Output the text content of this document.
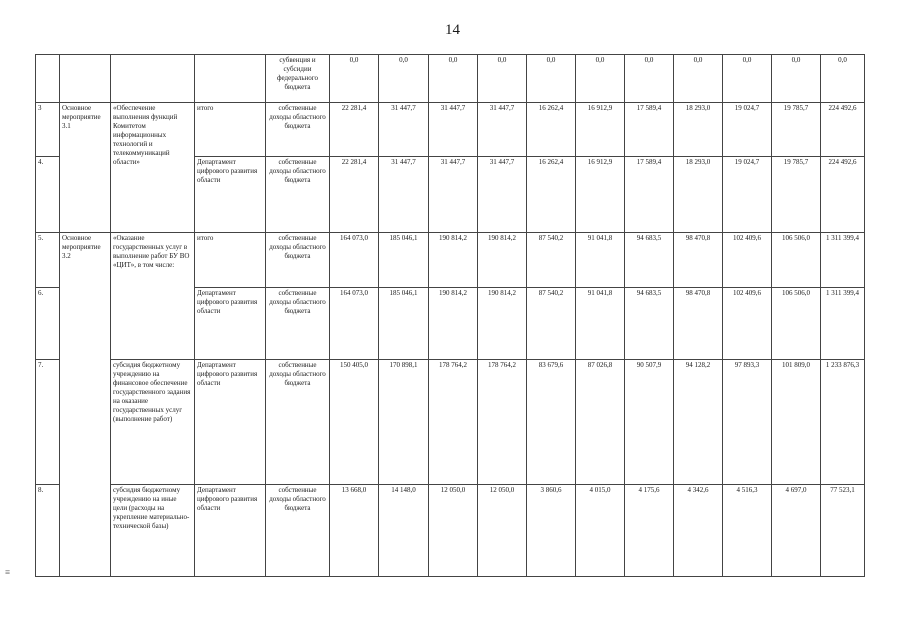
14
				субвенция и субсидии федерального бюджета	0,0	0,0	0,0	0,0	0,0	0,0	0,0	0,0	0,0	0,0	0,0
3	Основное мероприятие 3.1	«Обеспечение выполнения функций Комитетом информационных технологий и телекоммуникаций области»	итого	собственные доходы областного бюджета	22 281,4	31 447,7	31 447,7	31 447,7	16 262,4	16 912,9	17 589,4	18 293,0	19 024,7	19 785,7	224 492,6
4.			Департамент цифрового развития области	собственные доходы областного бюджета	22 281,4	31 447,7	31 447,7	31 447,7	16 262,4	16 912,9	17 589,4	18 293,0	19 024,7	19 785,7	224 492,6
5.	Основное мероприятие 3.2	«Оказание государственных услуг в выполнение работ БУ ВО «ЦИТ», в том числе:	итого	собственные доходы областного бюджета	164 073,0	185 046,1	190 814,2	190 814,2	87 540,2	91 041,8	94 683,5	98 470,8	102 409,6	106 506,0	1 311 399,4
6.			Департамент цифрового развития области	собственные доходы областного бюджета	164 073,0	185 046,1	190 814,2	190 814,2	87 540,2	91 041,8	94 683,5	98 470,8	102 409,6	106 506,0	1 311 399,4
7.		субсидия бюджетному учреждению на финансовое обеспечение государственного задания на оказание государственных услуг (выполнение работ)	Департамент цифрового развития области	собственные доходы областного бюджета	150 405,0	170 898,1	178 764,2	178 764,2	83 679,6	87 026,8	90 507,9	94 128,2	97 893,3	101 809,0	1 233 876,3
8.		субсидия бюджетному учреждению на иные цели (расходы на укрепление материально-технической базы)	Департамент цифрового развития области	собственные доходы областного бюджета	13 668,0	14 148,0	12 050,0	12 050,0	3 860,6	4 015,0	4 175,6	4 342,6	4 516,3	4 697,0	77 523,1
≡
